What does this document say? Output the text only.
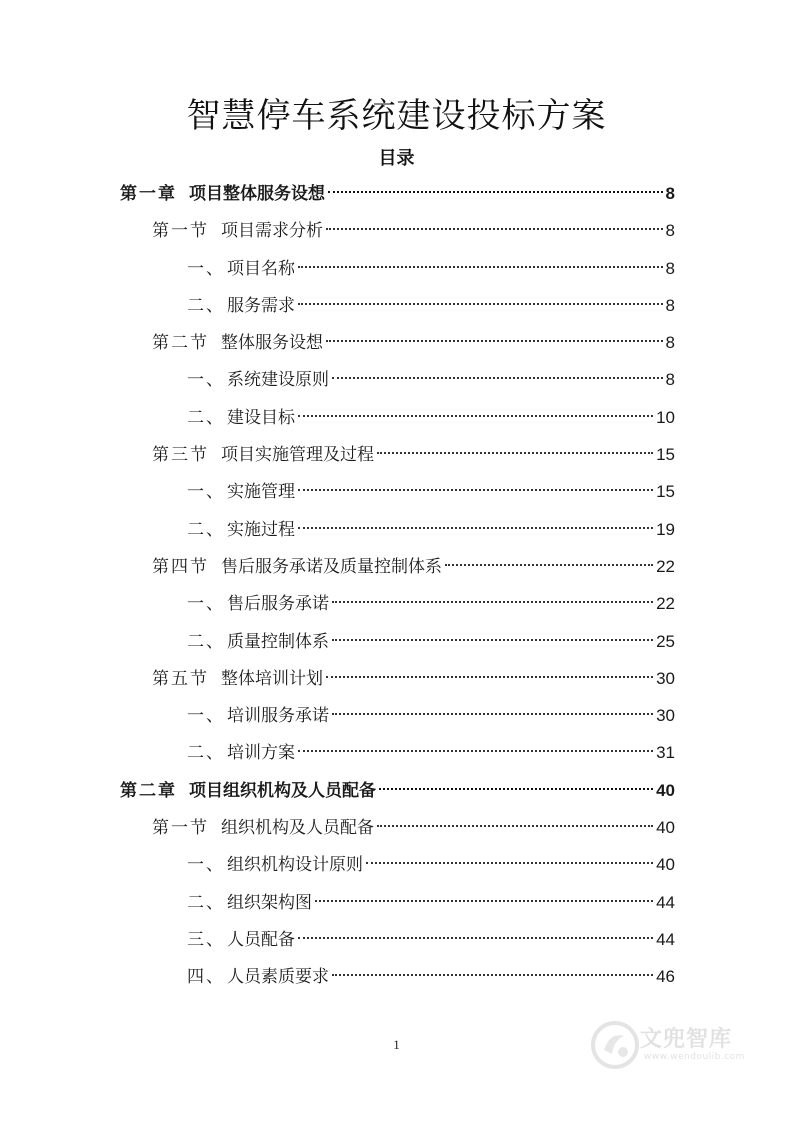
智慧停车系统建设投标方案
目录
第一章 项目整体服务设想	8
第一节 项目需求分析	8
一、 项目名称	8
二、 服务需求	8
第二节 整体服务设想	8
一、 系统建设原则	8
二、 建设目标	10
第三节 项目实施管理及过程	15
一、 实施管理	15
二、 实施过程	19
第四节 售后服务承诺及质量控制体系	22
一、 售后服务承诺	22
二、 质量控制体系	25
第五节 整体培训计划	30
一、 培训服务承诺	30
二、 培训方案	31
第二章 项目组织机构及人员配备	40
第一节 组织机构及人员配备	40
一、 组织机构设计原则	40
二、 组织架构图	44
三、 人员配备	44
四、 人员素质要求	46
1	文兜智库
www.wendoulib.com
